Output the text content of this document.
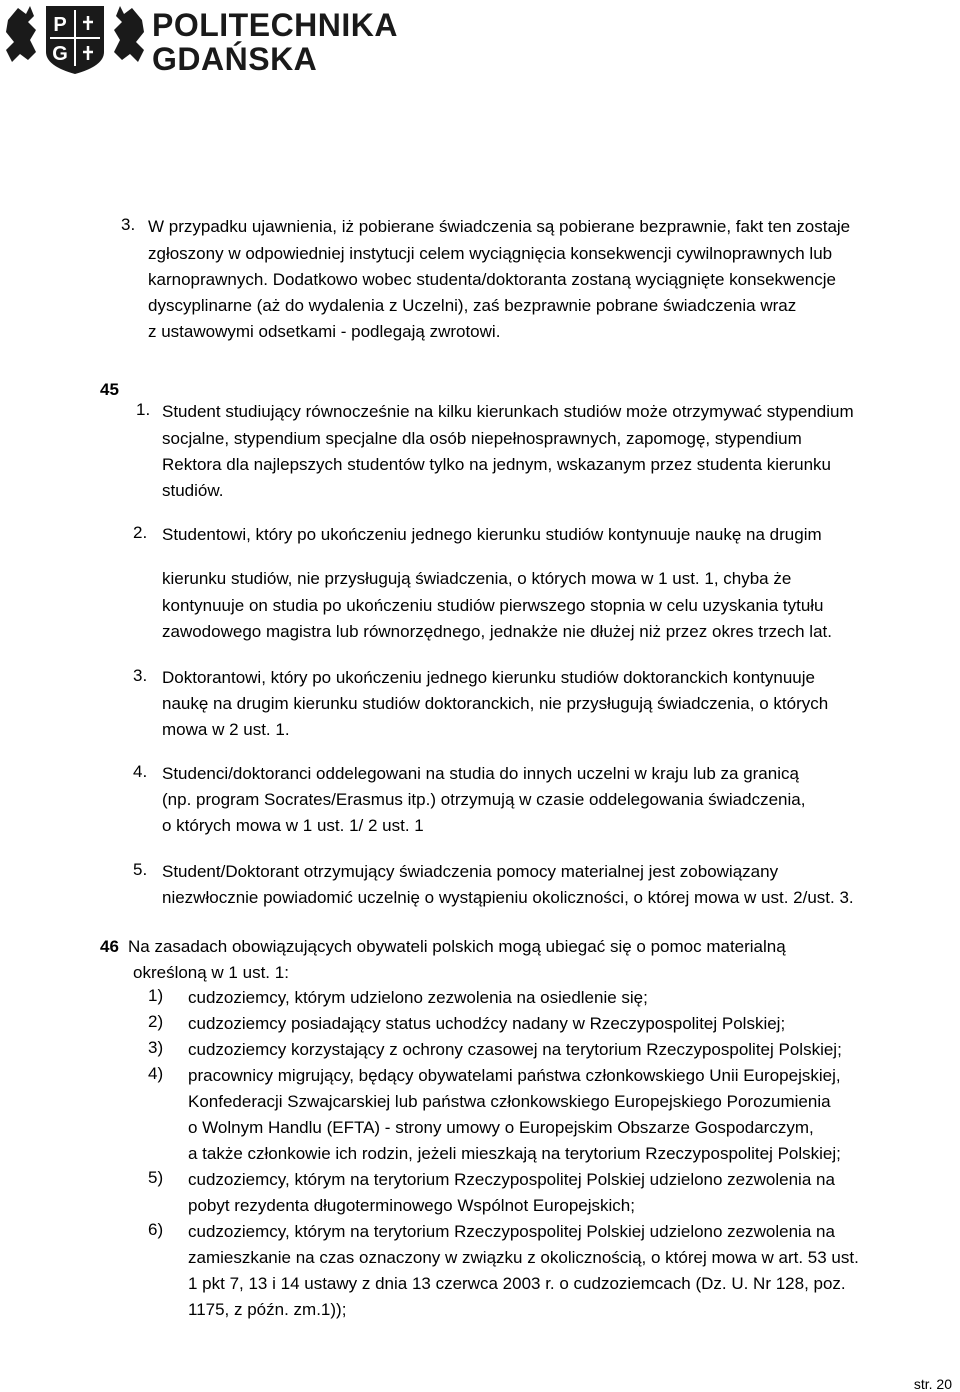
P
G
POLITECHNIKA
GDAŃSKA
3. W przypadku ujawnienia, iż pobierane świadczenia są pobierane bezprawnie, fakt ten zostaje
zgłoszony w odpowiedniej instytucji celem wyciągnięcia konsekwencji cywilnoprawnych lub
karnoprawnych. Dodatkowo wobec studenta/doktoranta zostaną wyciągnięte konsekwencje
dyscyplinarne (aż do wydalenia z Uczelni), zaś bezprawnie pobrane świadczenia wraz
z ustawowymi odsetkami - podlegają zwrotowi.
45
1. Student studiujący równocześnie na kilku kierunkach studiów może otrzymywać stypendium
socjalne, stypendium specjalne dla osób niepełnosprawnych, zapomogę, stypendium
Rektora dla najlepszych studentów tylko na jednym, wskazanym przez studenta kierunku
studiów.
2. Studentowi, który po ukończeniu jednego kierunku studiów kontynuuje naukę na drugim
kierunku studiów, nie przysługują świadczenia, o których mowa w 1 ust. 1, chyba że
kontynuuje on studia po ukończeniu studiów pierwszego stopnia w celu uzyskania tytułu
zawodowego magistra lub równorzędnego, jednakże nie dłużej niż przez okres trzech lat.
3. Doktorantowi, który po ukończeniu jednego kierunku studiów doktoranckich kontynuuje
naukę na drugim kierunku studiów doktoranckich, nie przysługują świadczenia, o których
mowa w 2 ust. 1.
4. Studenci/doktoranci oddelegowani na studia do innych uczelni w kraju lub za granicą
(np. program Socrates/Erasmus itp.) otrzymują w czasie oddelegowania świadczenia,
o których mowa w 1 ust. 1/ 2 ust. 1
5. Student/Doktorant otrzymujący świadczenia pomocy materialnej jest zobowiązany
niezwłocznie powiadomić uczelnię o wystąpieniu okoliczności, o której mowa w ust. 2/ust. 3.
46 Na zasadach obowiązujących obywateli polskich mogą ubiegać się o pomoc materialną
określoną w 1 ust. 1:
1) cudzoziemcy, którym udzielono zezwolenia na osiedlenie się;
2) cudzoziemcy posiadający status uchodźcy nadany w Rzeczypospolitej Polskiej;
3) cudzoziemcy korzystający z ochrony czasowej na terytorium Rzeczypospolitej Polskiej;
4) pracownicy migrujący, będący obywatelami państwa członkowskiego Unii Europejskiej,
Konfederacji Szwajcarskiej lub państwa członkowskiego Europejskiego Porozumienia
o Wolnym Handlu (EFTA) - strony umowy o Europejskim Obszarze Gospodarczym,
a także członkowie ich rodzin, jeżeli mieszkają na terytorium Rzeczypospolitej Polskiej;
5) cudzoziemcy, którym na terytorium Rzeczypospolitej Polskiej udzielono zezwolenia na
pobyt rezydenta długoterminowego Wspólnot Europejskich;
6) cudzoziemcy, którym na terytorium Rzeczypospolitej Polskiej udzielono zezwolenia na
zamieszkanie na czas oznaczony w związku z okolicznością, o której mowa w art. 53 ust.
1 pkt 7, 13 i 14 ustawy z dnia 13 czerwca 2003 r. o cudzoziemcach (Dz. U. Nr 128, poz.
1175, z późn. zm.1));
str. 20
